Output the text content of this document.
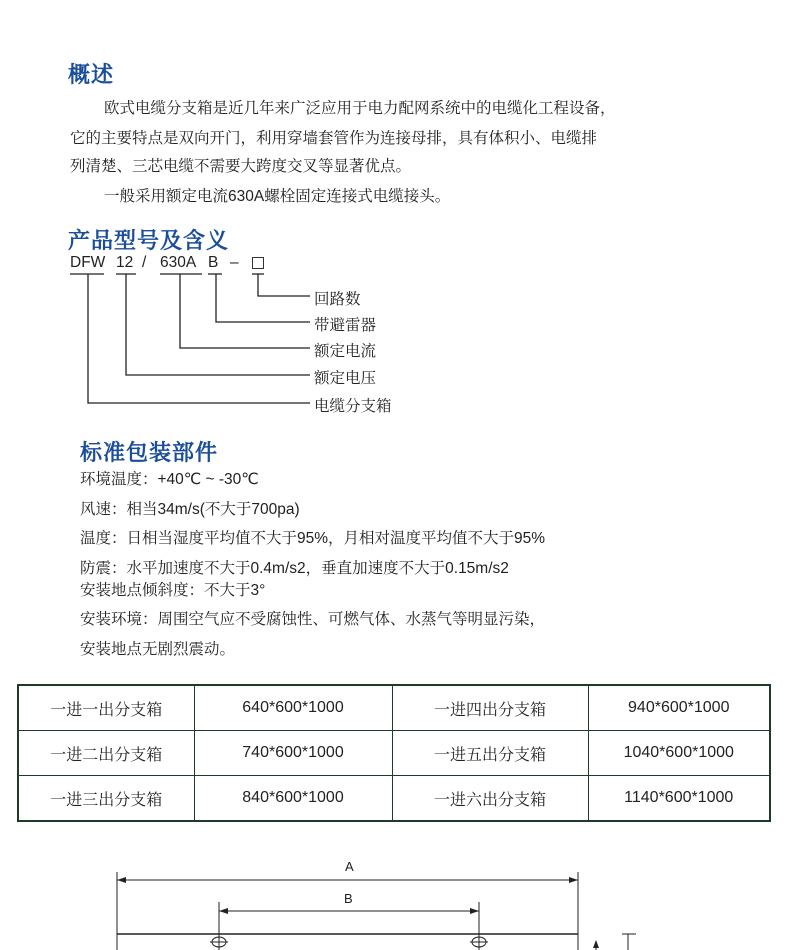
概述
欧式电缆分支箱是近几年来广泛应用于电力配网系统中的电缆化工程设备，
它的主要特点是双向开门，利用穿墙套管作为连接母排，具有体积小、电缆排
列清楚、三芯电缆不需要大跨度交叉等显著优点。
一般采用额定电流630A螺栓固定连接式电缆接头。
产品型号及含义
DFW 12 / 630A B –
回路数
带避雷器
额定电流
额定电压
电缆分支箱
标准包装部件
环境温度：+40℃ ~ -30℃
风速：相当34m/s(不大于700pa)
温度：日相当湿度平均值不大于95%，月相对温度平均值不大于95%
防震：水平加速度不大于0.4m/s2，垂直加速度不大于0.15m/s2
安装地点倾斜度：不大于3°
安装环境：周围空气应不受腐蚀性、可燃气体、水蒸气等明显污染，
安装地点无剧烈震动。
一进一出分支箱	640*600*1000	一进四出分支箱	940*600*1000
一进二出分支箱	740*600*1000	一进五出分支箱	1040*600*1000
一进三出分支箱	840*600*1000	一进六出分支箱	1140*600*1000
A
B
